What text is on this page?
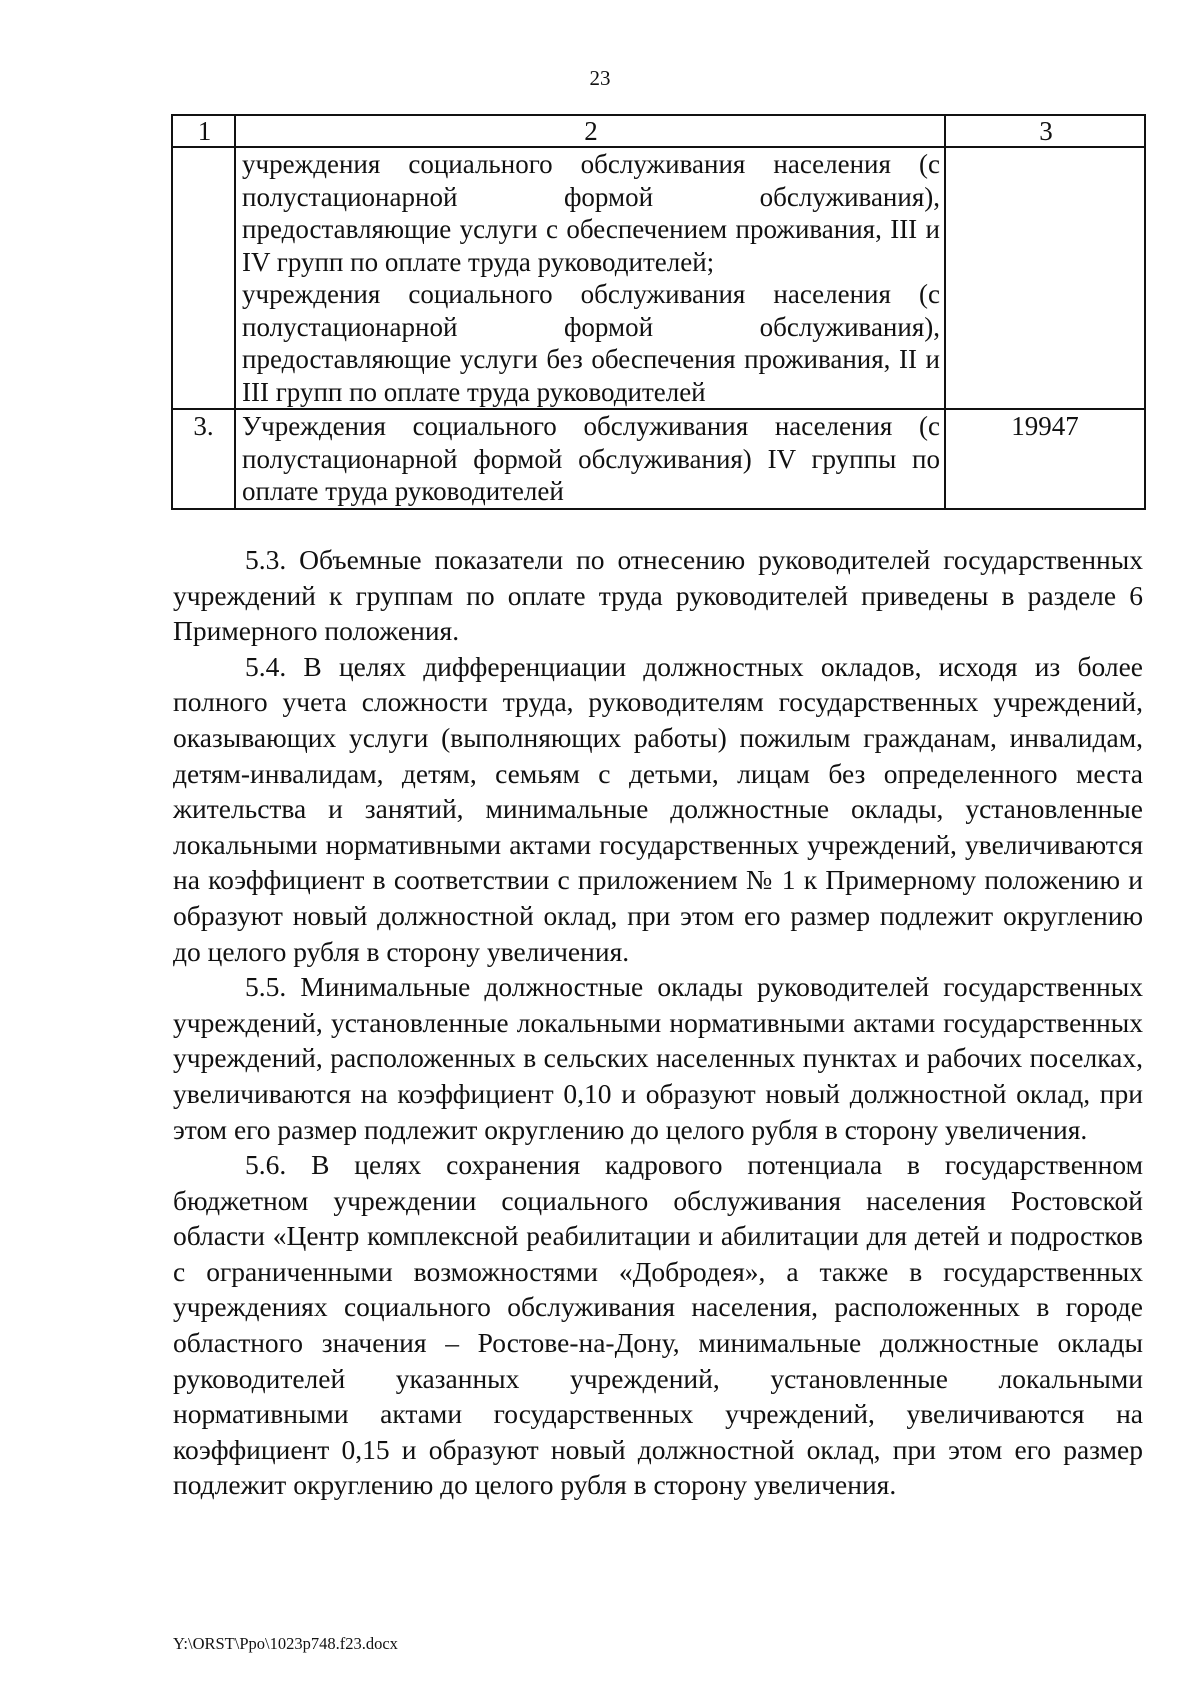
23
1	2	3

	учреждения социального обслуживания населения (с полустационарной формой обслуживания), предоставляющие услуги с обеспечением проживания, III и IV групп по оплате труда руководителей;
учреждения социального обслуживания населения (с полустационарной формой обслуживания), предоставляющие услуги без обеспечения проживания, II и III групп по оплате труда руководителей	

3.	Учреждения социального обслуживания населения (с полустационарной формой обслуживания) IV группы по оплате труда руководителей	19947

5.3. Объемные показатели по отнесению руководителей государственных учреждений к группам по оплате труда руководителей приведены в разделе 6 Примерного положения.

5.4. В целях дифференциации должностных окладов, исходя из более полного учета сложности труда, руководителям государственных учреждений, оказывающих услуги (выполняющих работы) пожилым гражданам, инвалидам, детям-инвалидам, детям, семьям с детьми, лицам без определенного места жительства и занятий, минимальные должностные оклады, установленные локальными нормативными актами государственных учреждений, увеличиваются на коэффициент в соответствии с приложением № 1 к Примерному положению и образуют новый должностной оклад, при этом его размер подлежит округлению до целого рубля в сторону увеличения.

5.5. Минимальные должностные оклады руководителей государственных учреждений, установленные локальными нормативными актами государственных учреждений, расположенных в сельских населенных пунктах и рабочих поселках, увеличиваются на коэффициент 0,10 и образуют новый должностной оклад, при этом его размер подлежит округлению до целого рубля в сторону увеличения.

5.6. В целях сохранения кадрового потенциала в государственном бюджетном учреждении социального обслуживания населения Ростовской области «Центр комплексной реабилитации и абилитации для детей и подростков с ограниченными возможностями «Добродея», а также в государственных учреждениях социального обслуживания населения, расположенных в городе областного значения – Ростове-на-Дону, минимальные должностные оклады руководителей указанных учреждений, установленные локальными нормативными актами государственных учреждений, увеличиваются на коэффициент 0,15 и образуют новый должностной оклад, при этом его размер подлежит округлению до целого рубля в сторону увеличения.

Y:\ORST\Ppo\1023p748.f23.docx
